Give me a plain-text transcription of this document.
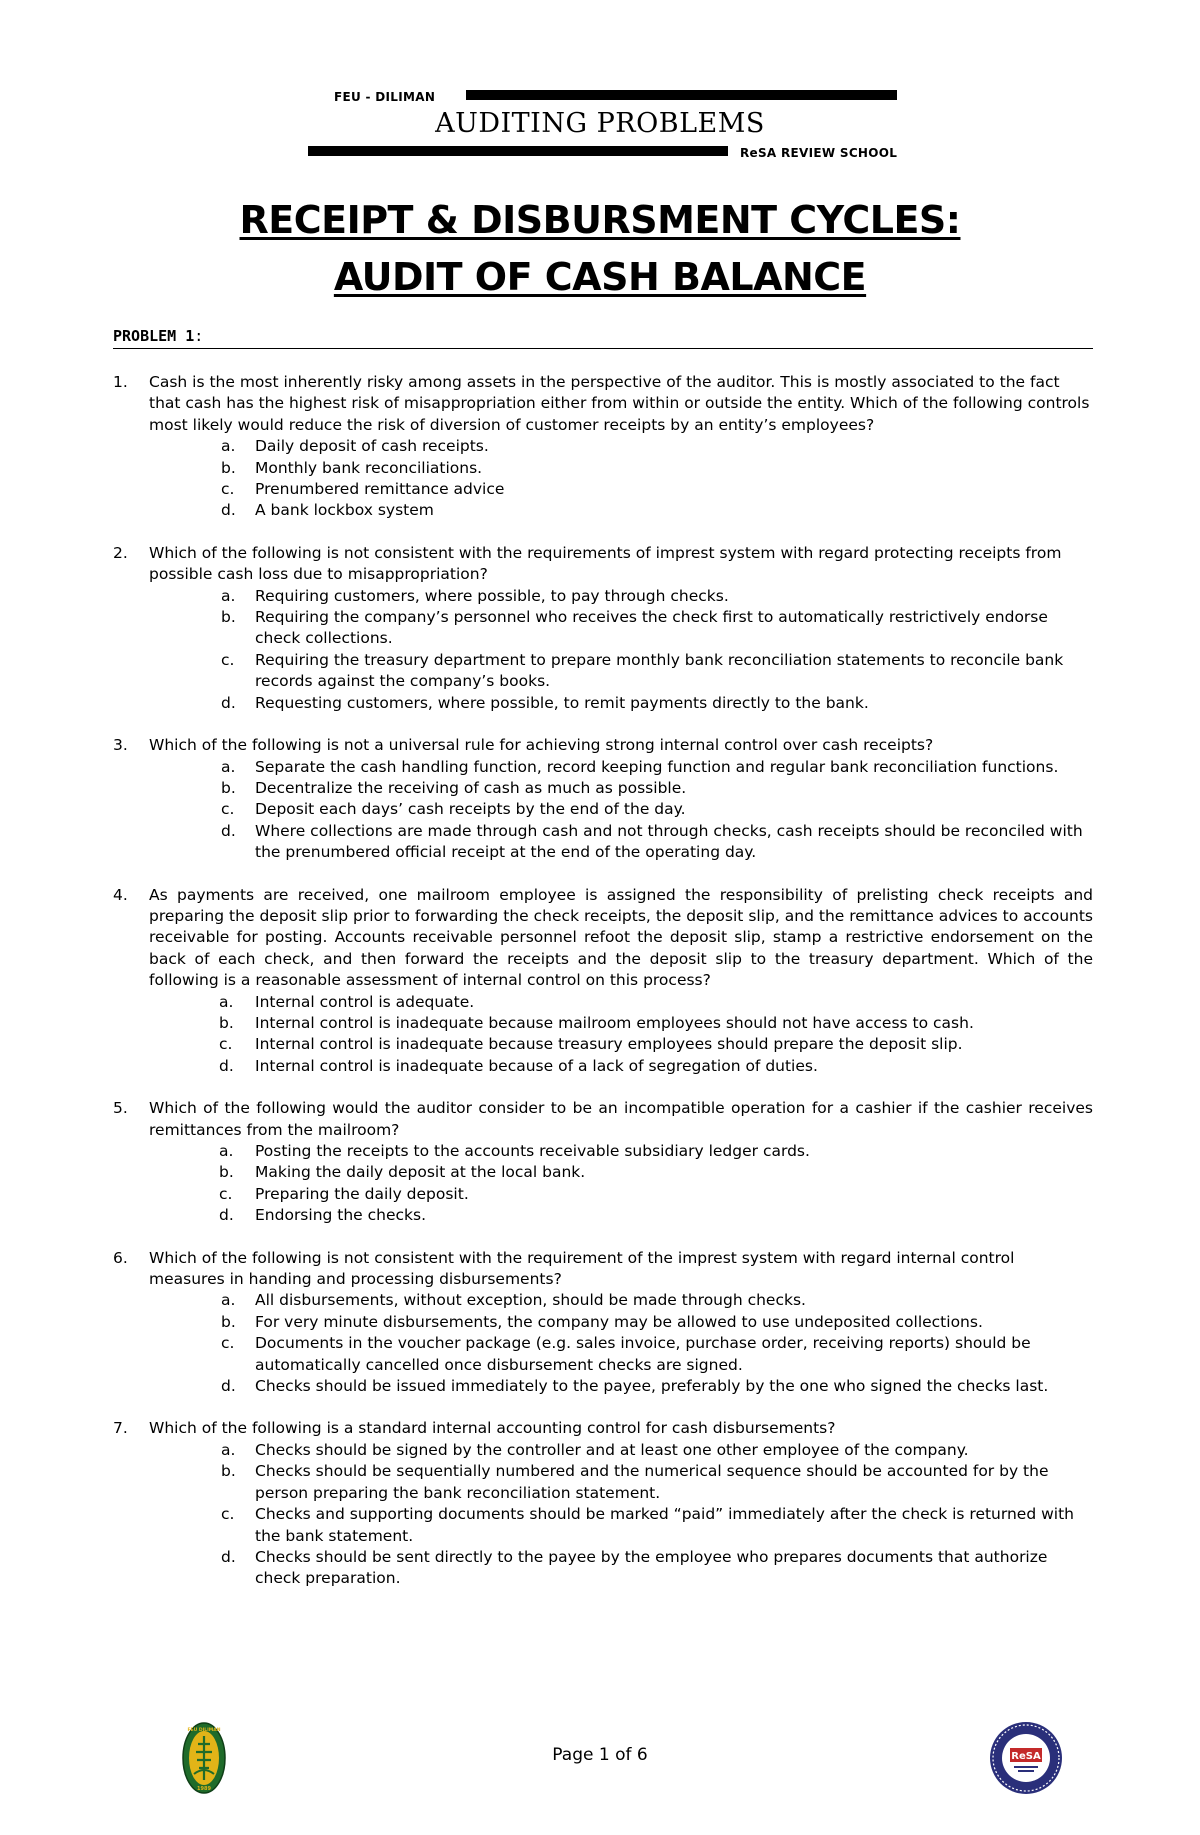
FEU - DILIMAN
AUDITING PROBLEMS
ReSA REVIEW SCHOOL
RECEIPT & DISBURSMENT CYCLES:
AUDIT OF CASH BALANCE
PROBLEM 1:
1. Cash is the most inherently risky among assets in the perspective of the auditor. This is mostly associated to the fact that cash has the highest risk of misappropriation either from within or outside the entity. Which of the following controls most likely would reduce the risk of diversion of customer receipts by an entity’s employees?
a. Daily deposit of cash receipts.
b. Monthly bank reconciliations.
c. Prenumbered remittance advice
d. A bank lockbox system
2. Which of the following is not consistent with the requirements of imprest system with regard protecting receipts from possible cash loss due to misappropriation?
a. Requiring customers, where possible, to pay through checks.
b. Requiring the company’s personnel who receives the check first to automatically restrictively endorse check collections.
c. Requiring the treasury department to prepare monthly bank reconciliation statements to reconcile bank records against the company’s books.
d. Requesting customers, where possible, to remit payments directly to the bank.
3. Which of the following is not a universal rule for achieving strong internal control over cash receipts?
a. Separate the cash handling function, record keeping function and regular bank reconciliation functions.
b. Decentralize the receiving of cash as much as possible.
c. Deposit each days’ cash receipts by the end of the day.
d. Where collections are made through cash and not through checks, cash receipts should be reconciled with the prenumbered official receipt at the end of the operating day.
4. As payments are received, one mailroom employee is assigned the responsibility of prelisting check receipts and preparing the deposit slip prior to forwarding the check receipts, the deposit slip, and the remittance advices to accounts receivable for posting. Accounts receivable personnel refoot the deposit slip, stamp a restrictive endorsement on the back of each check, and then forward the receipts and the deposit slip to the treasury department. Which of the following is a reasonable assessment of internal control on this process?
a. Internal control is adequate.
b. Internal control is inadequate because mailroom employees should not have access to cash.
c. Internal control is inadequate because treasury employees should prepare the deposit slip.
d. Internal control is inadequate because of a lack of segregation of duties.
5. Which of the following would the auditor consider to be an incompatible operation for a cashier if the cashier receives remittances from the mailroom?
a. Posting the receipts to the accounts receivable subsidiary ledger cards.
b. Making the daily deposit at the local bank.
c. Preparing the daily deposit.
d. Endorsing the checks.
6. Which of the following is not consistent with the requirement of the imprest system with regard internal control measures in handing and processing disbursements?
a. All disbursements, without exception, should be made through checks.
b. For very minute disbursements, the company may be allowed to use undeposited collections.
c. Documents in the voucher package (e.g. sales invoice, purchase order, receiving reports) should be automatically cancelled once disbursement checks are signed.
d. Checks should be issued immediately to the payee, preferably by the one who signed the checks last.
7. Which of the following is a standard internal accounting control for cash disbursements?
a. Checks should be signed by the controller and at least one other employee of the company.
b. Checks should be sequentially numbered and the numerical sequence should be accounted for by the person preparing the bank reconciliation statement.
c. Checks and supporting documents should be marked “paid” immediately after the check is returned with the bank statement.
d. Checks should be sent directly to the payee by the employee who prepares documents that authorize check preparation.
Page 1 of 6
FEU DILIMAN
1989
ReSA
